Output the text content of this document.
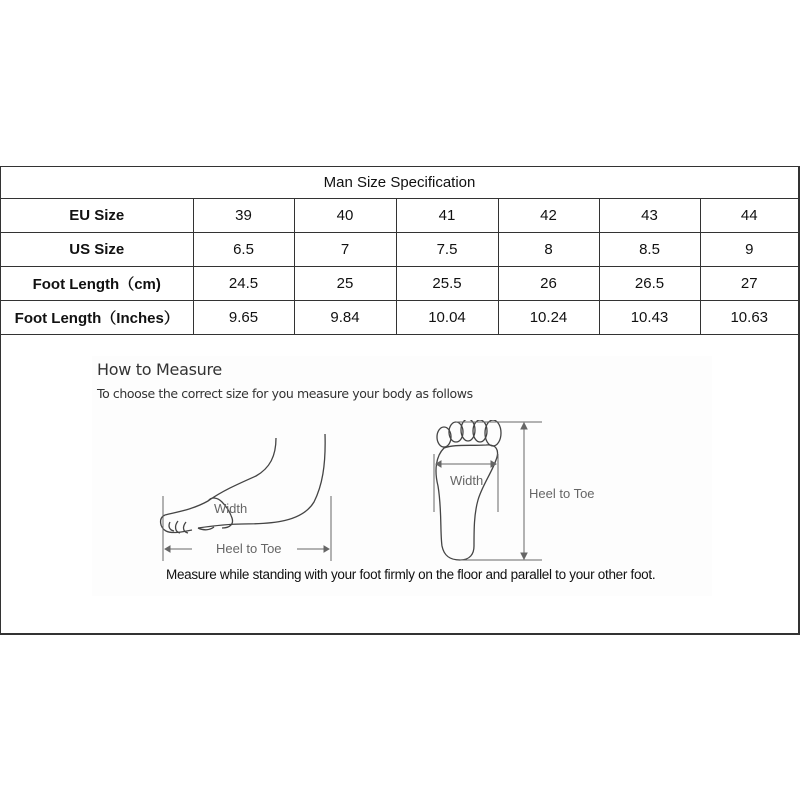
Man Size Specification						
EU Size	39	40	41	42	43	44
US Size	6.5	7	7.5	8	8.5	9
Foot Length（cm)	24.5	25	25.5	26	26.5	27
Foot Length（Inches）	9.65	9.84	10.04	10.24	10.43	10.63
How to Measure
To choose the correct size for you measure your body as follows
Width
Heel to Toe
Width
Heel to Toe
Measure while standing with your foot firmly on the floor and parallel to your other foot.
